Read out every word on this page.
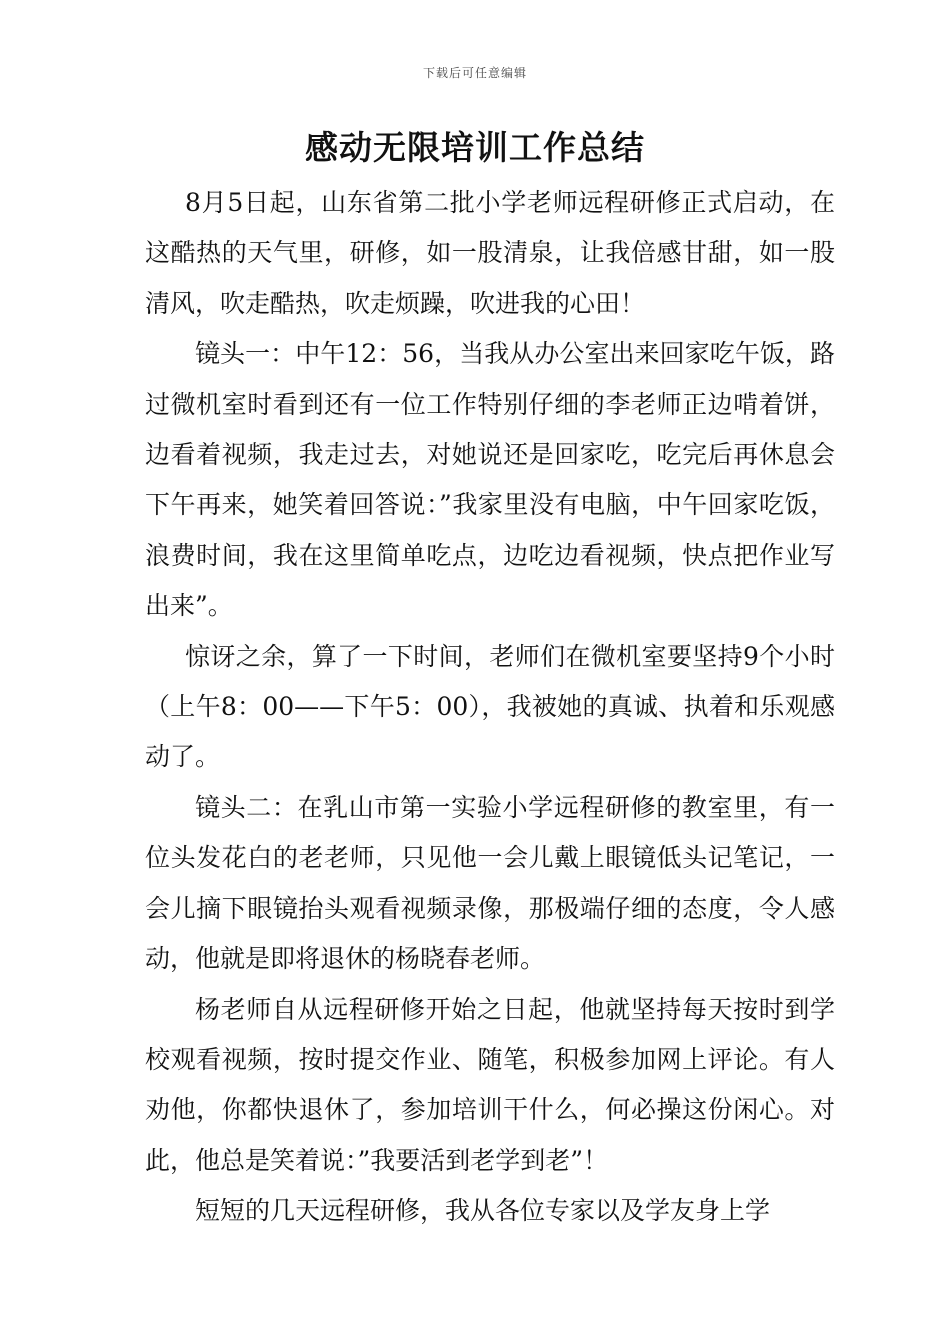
下载后可任意编辑
感动无限培训工作总结

8月5日起，山东省第二批小学老师远程研修正式启动，在这酷热的天气里，研修，如一股清泉，让我倍感甘甜，如一股清风，吹走酷热，吹走烦躁，吹进我的心田！

镜头一：中午12：56，当我从办公室出来回家吃午饭，路过微机室时看到还有一位工作特别仔细的李老师正边啃着饼，边看着视频，我走过去，对她说还是回家吃，吃完后再休息会下午再来，她笑着回答说：”我家里没有电脑，中午回家吃饭，浪费时间，我在这里简单吃点，边吃边看视频，快点把作业写出来”。

惊讶之余，算了一下时间，老师们在微机室要坚持9个小时（上午8：00——下午5：00），我被她的真诚、执着和乐观感动了。

镜头二：在乳山市第一实验小学远程研修的教室里，有一位头发花白的老老师，只见他一会儿戴上眼镜低头记笔记，一会儿摘下眼镜抬头观看视频录像，那极端仔细的态度，令人感动，他就是即将退休的杨晓春老师。

杨老师自从远程研修开始之日起，他就坚持每天按时到学校观看视频，按时提交作业、随笔，积极参加网上评论。有人劝他，你都快退休了，参加培训干什么，何必操这份闲心。对此，他总是笑着说：”我要活到老学到老”！

短短的几天远程研修，我从各位专家以及学友身上学
